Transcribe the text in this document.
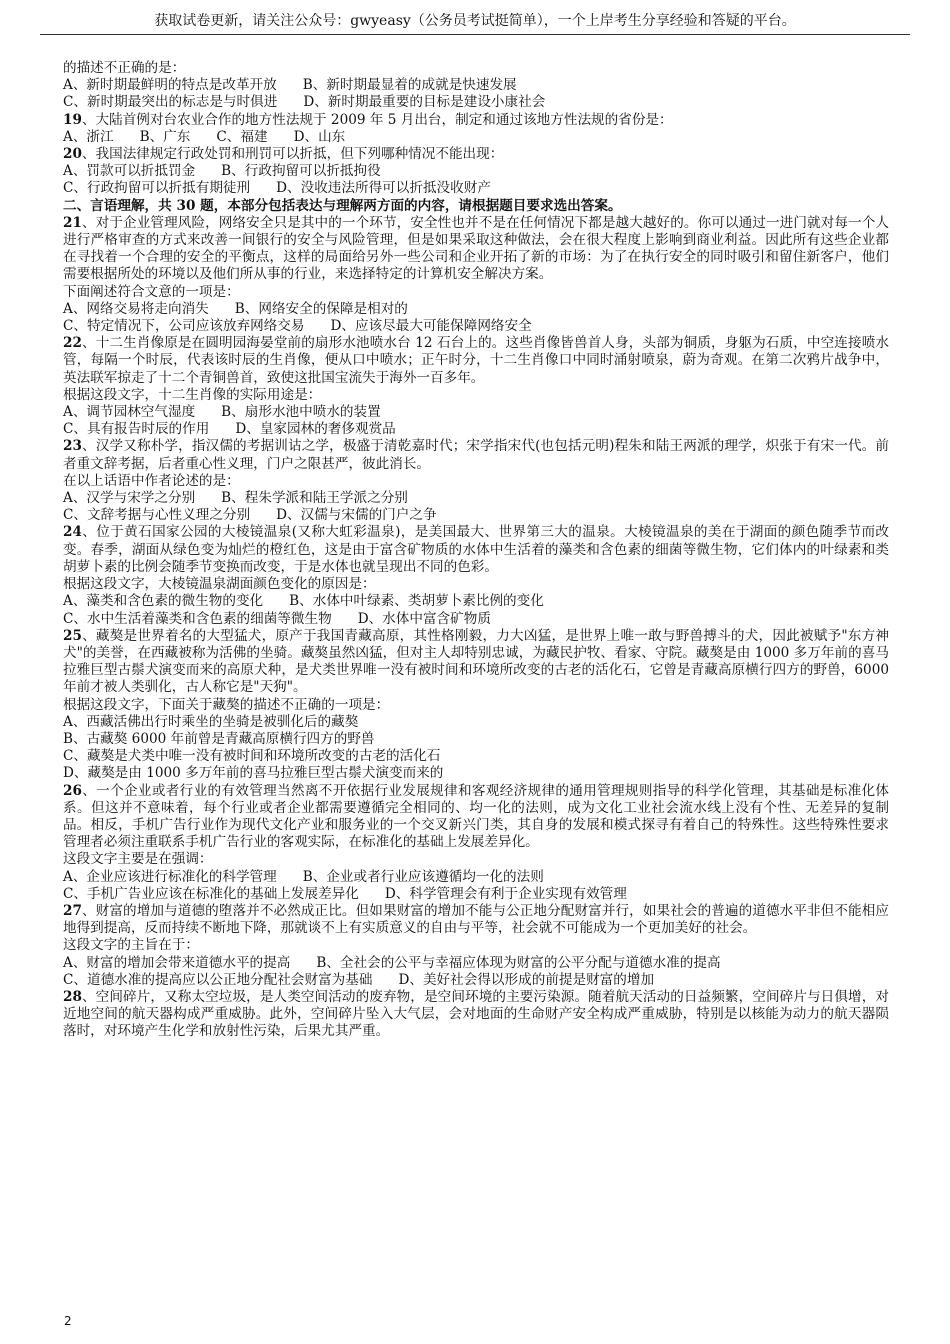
获取试卷更新，请关注公众号：gwyeasy（公务员考试挺简单），一个上岸考生分享经验和答疑的平台。

的描述不正确的是：

A、新时期最鲜明的特点是改革开放 B、新时期最显着的成就是快速发展

C、新时期最突出的标志是与时俱进 D、新时期最重要的目标是建设小康社会

19、大陆首例对台农业合作的地方性法规于 2009 年 5 月出台，制定和通过该地方性法规的省份是：

A、浙江 B、广东 C、福建 D、山东

20、我国法律规定行政处罚和刑罚可以折抵，但下列哪种情况不能出现：

A、罚款可以折抵罚金 B、行政拘留可以折抵拘役

C、行政拘留可以折抵有期徒刑 D、没收违法所得可以折抵没收财产

二、言语理解，共 30 题，本部分包括表达与理解两方面的内容，请根据题目要求选出答案。

21、对于企业管理风险，网络安全只是其中的一个环节，安全性也并不是在任何情况下都是越大越好的。你可以通过一进门就对每一个人进行严格审查的方式来改善一间银行的安全与风险管理，但是如果采取这种做法，会在很大程度上影响到商业利益。因此所有这些企业都在寻找着一个合理的安全的平衡点，这样的局面给另外一些公司和企业开拓了新的市场：为了在执行安全的同时吸引和留住新客户，他们需要根据所处的环境以及他们所从事的行业，来选择特定的计算机安全解决方案。

下面阐述符合文意的一项是：

A、网络交易将走向消失 B、网络安全的保障是相对的

C、特定情况下，公司应该放弃网络交易 D、应该尽最大可能保障网络安全

22、十二生肖像原是在圆明园海晏堂前的扇形水池喷水台 12 石台上的。这些肖像皆兽首人身，头部为铜质，身躯为石质，中空连接喷水管，每隔一个时辰，代表该时辰的生肖像，便从口中喷水；正午时分，十二生肖像口中同时涌射喷泉，蔚为奇观。在第二次鸦片战争中，英法联军掠走了十二个青铜兽首，致使这批国宝流失于海外一百多年。

根据这段文字，十二生肖像的实际用途是：

A、调节园林空气湿度 B、扇形水池中喷水的装置

C、具有报告时辰的作用 D、皇家园林的奢侈观赏品

23、汉学又称朴学，指汉儒的考据训诂之学，极盛于清乾嘉时代；宋学指宋代(也包括元明)程朱和陆王两派的理学，炽张于有宋一代。前者重文辞考据，后者重心性义理，门户之限甚严，彼此消长。

在以上话语中作者论述的是：

A、汉学与宋学之分别 B、程朱学派和陆王学派之分别

C、文辞考据与心性义理之分别 D、汉儒与宋儒的门户之争

24、位于黄石国家公园的大棱镜温泉(又称大虹彩温泉)，是美国最大、世界第三大的温泉。大棱镜温泉的美在于湖面的颜色随季节而改变。春季，湖面从绿色变为灿烂的橙红色，这是由于富含矿物质的水体中生活着的藻类和含色素的细菌等微生物，它们体内的叶绿素和类胡萝卜素的比例会随季节变换而改变，于是水体也就呈现出不同的色彩。

根据这段文字，大棱镜温泉湖面颜色变化的原因是：

A、藻类和含色素的微生物的变化 B、水体中叶绿素、类胡萝卜素比例的变化

C、水中生活着藻类和含色素的细菌等微生物 D、水体中富含矿物质

25、藏獒是世界着名的大型猛犬，原产于我国青藏高原，其性格刚毅，力大凶猛，是世界上唯一敢与野兽搏斗的犬，因此被赋予"东方神犬"的美誉，在西藏被称为活佛的坐骑。藏獒虽然凶猛，但对主人却特别忠诚，为藏民护牧、看家、守院。藏獒是由 1000 多万年前的喜马拉雅巨型古鬃犬演变而来的高原犬种，是犬类世界唯一没有被时间和环境所改变的古老的活化石，它曾是青藏高原横行四方的野兽，6000 年前才被人类驯化，古人称它是"天狗"。

根据这段文字，下面关于藏獒的描述不正确的一项是：

A、西藏活佛出行时乘坐的坐骑是被驯化后的藏獒

B、古藏獒 6000 年前曾是青藏高原横行四方的野兽

C、藏獒是犬类中唯一没有被时间和环境所改变的古老的活化石

D、藏獒是由 1000 多万年前的喜马拉雅巨型古鬃犬演变而来的

26、一个企业或者行业的有效管理当然离不开依据行业发展规律和客观经济规律的通用管理规则指导的科学化管理，其基础是标准化体系。但这并不意味着，每个行业或者企业都需要遵循完全相同的、均一化的法则，成为文化工业社会流水线上没有个性、无差异的复制品。相反，手机广告行业作为现代文化产业和服务业的一个交叉新兴门类，其自身的发展和模式探寻有着自己的特殊性。这些特殊性要求管理者必须注重联系手机广告行业的客观实际，在标准化的基础上发展差异化。

这段文字主要是在强调：

A、企业应该进行标准化的科学管理 B、企业或者行业应该遵循均一化的法则

C、手机广告业应该在标准化的基础上发展差异化 D、科学管理会有利于企业实现有效管理

27、财富的增加与道德的堕落并不必然成正比。但如果财富的增加不能与公正地分配财富并行，如果社会的普遍的道德水平非但不能相应地得到提高，反而持续不断地下降，那就谈不上有实质意义的自由与平等，社会就不可能成为一个更加美好的社会。

这段文字的主旨在于：

A、财富的增加会带来道德水平的提高 B、全社会的公平与幸福应体现为财富的公平分配与道德水准的提高

C、道德水准的提高应以公正地分配社会财富为基础 D、美好社会得以形成的前提是财富的增加

28、空间碎片，又称太空垃圾，是人类空间活动的废弃物，是空间环境的主要污染源。随着航天活动的日益频繁，空间碎片与日俱增，对近地空间的航天器构成严重威胁。此外，空间碎片坠入大气层，会对地面的生命财产安全构成严重威胁，特别是以核能为动力的航天器陨落时，对环境产生化学和放射性污染，后果尤其严重。

2
